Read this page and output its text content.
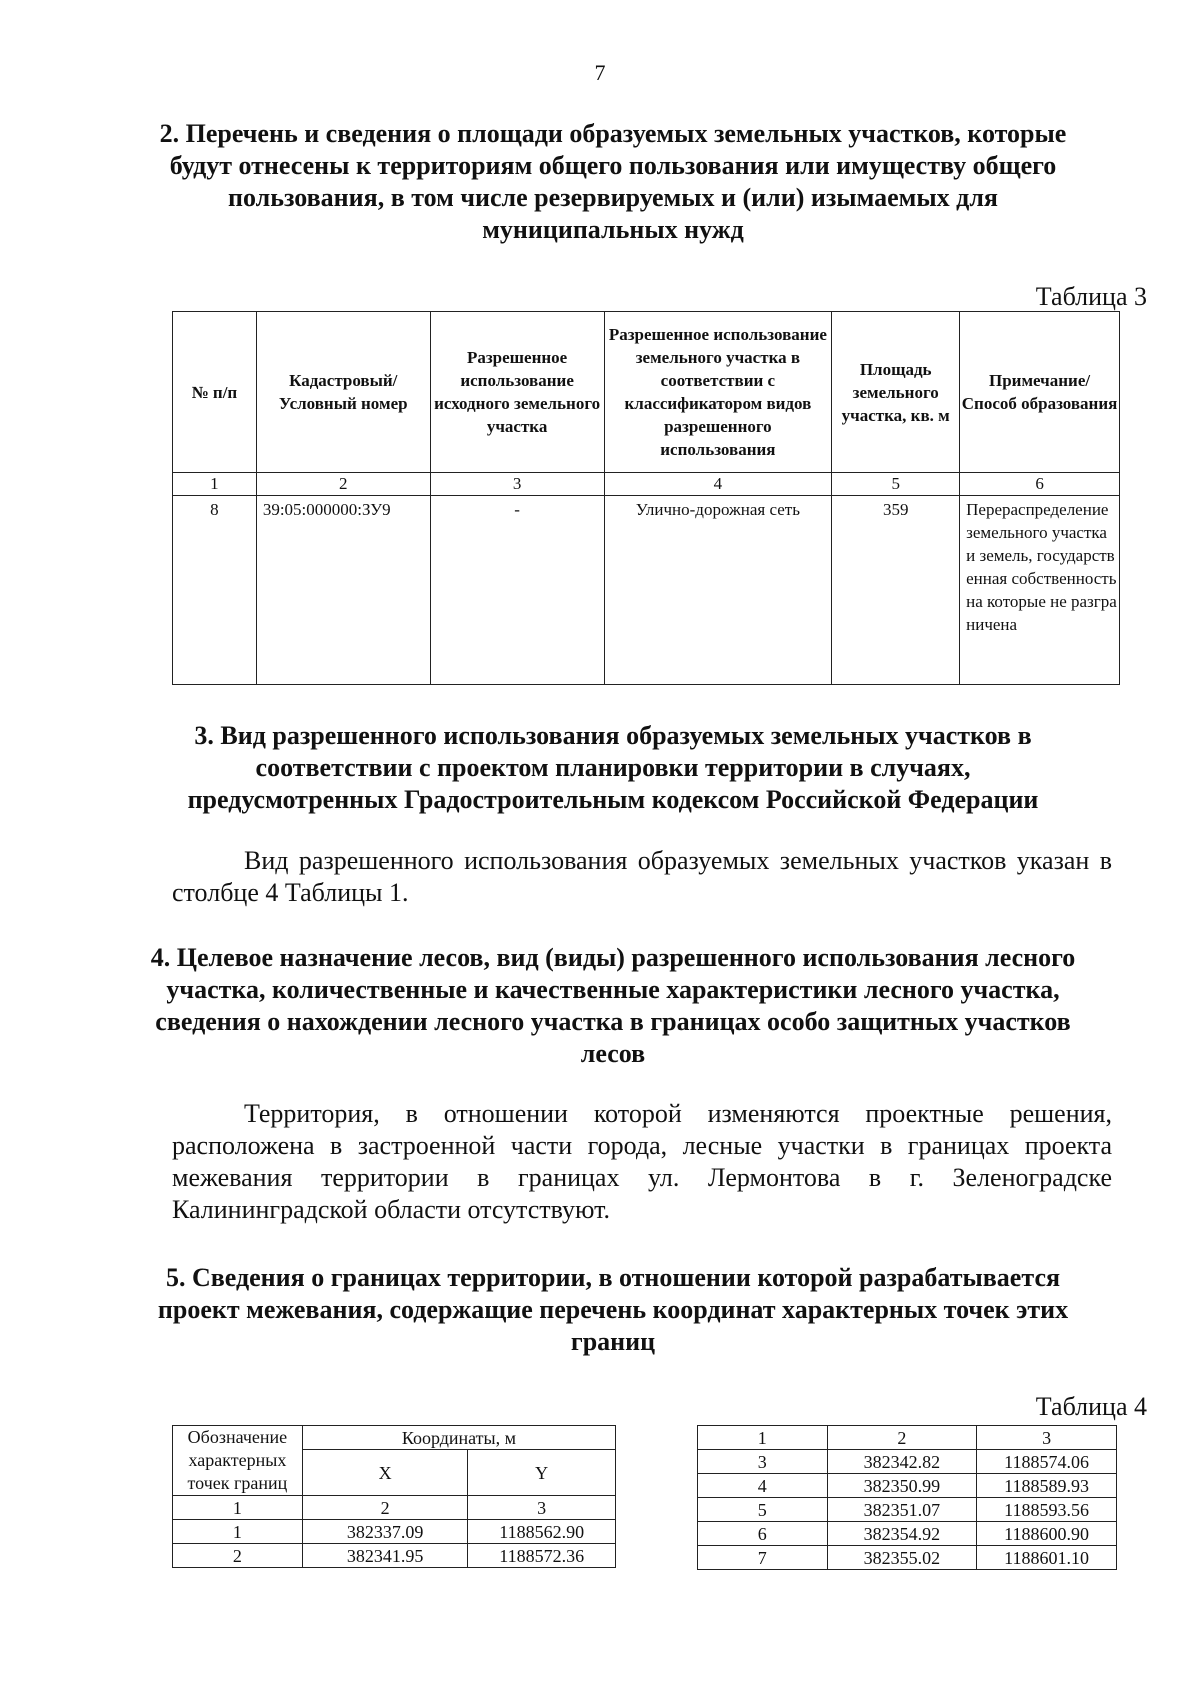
7
2. Перечень и сведения о площади образуемых земельных участков, которые будут отнесены к территориям общего пользования или имуществу общего пользования, в том числе резервируемых и (или) изымаемых для муниципальных нужд
Таблица 3
№ п/п	Кадастровый/ Условный номер	Разрешенное использование исходного земельного участка	Разрешенное использование земельного участка в соответствии с классификатором видов разрешенного использования	Площадь земельного участка, кв. м	Примечание/ Способ образования
1	2	3	4	5	6
8	39:05:000000:ЗУ9	-	Улично-дорожная сеть	359	Перераспределение земельного участка и земель, государственная собственность на которые не разграничена
3. Вид разрешенного использования образуемых земельных участков в соответствии с проектом планировки территории в случаях, предусмотренных Градостроительным кодексом Российской Федерации

Вид разрешенного использования образуемых земельных участков указан в столбце 4 Таблицы 1.

4. Целевое назначение лесов, вид (виды) разрешенного использования лесного участка, количественные и качественные характеристики лесного участка, сведения о нахождении лесного участка в границах особо защитных участков лесов

Территория, в отношении которой изменяются проектные решения, расположена в застроенной части города, лесные участки в границах проекта межевания территории в границах ул. Лермонтова в г. Зеленоградске Калининградской области отсутствуют.

5. Сведения о границах территории, в отношении которой разрабатывается проект межевания, содержащие перечень координат характерных точек этих границ
Таблица 4
Обозначение характерных точек границ	Координаты, м	
	X	Y
1	2	3
1	382337.09	1188562.90
2	382341.95	1188572.36
1	2	3
3	382342.82	1188574.06
4	382350.99	1188589.93
5	382351.07	1188593.56
6	382354.92	1188600.90
7	382355.02	1188601.10
